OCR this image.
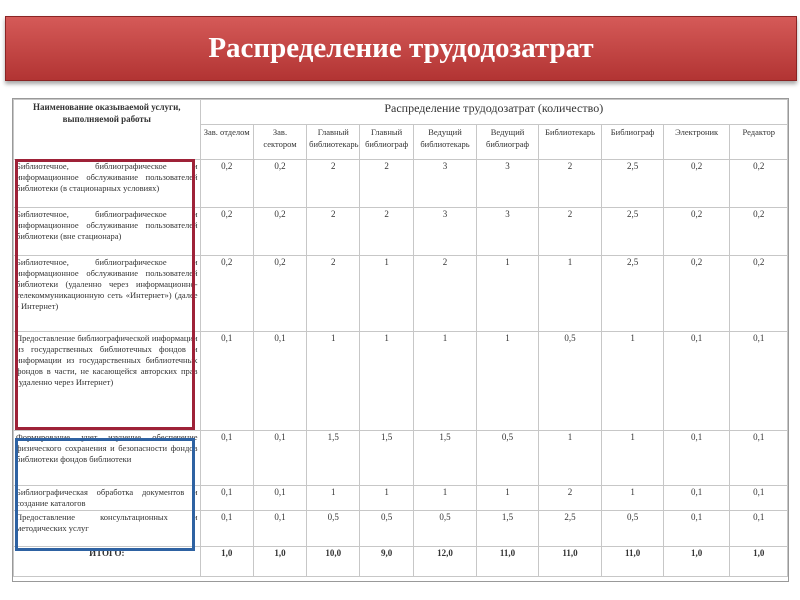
Распределение трудодозатрат
Наименование оказываемой услуги, выполняемой работы	Распределение трудодозатрат (количество)									
	Зав. отделом	Зав. сектором	Главный библиотекарь	Главный библиограф	Ведущий библиотекарь	Ведущий библиограф	Библиотекарь	Библиограф	Электроник	Редактор
Библиотечное, библиографическое и информационное обслуживание пользователей библиотеки (в стационарных условиях)	0,2	0,2	2	2	3	3	2	2,5	0,2	0,2
Библиотечное, библиографическое и информационное обслуживание пользователей библиотеки (вне стационара)	0,2	0,2	2	2	3	3	2	2,5	0,2	0,2
Библиотечное, библиографическое и информационное обслуживание пользователей библиотеки (удаленно через информационно-телекоммуникационную сеть «Интернет») (далее - Интернет)	0,2	0,2	2	1	2	1	1	2,5	0,2	0,2
Предоставление библиографической информации из государственных библиотечных фондов и информации из государственных библиотечных фондов в части, не касающейся авторских прав (удаленно через Интернет)	0,1	0,1	1	1	1	1	0,5	1	0,1	0,1
Формирование, учет, изучение, обеспечение физического сохранения и безопасности фондов библиотеки фондов библиотеки	0,1	0,1	1,5	1,5	1,5	0,5	1	1	0,1	0,1
Библиографическая обработка документов и создание каталогов	0,1	0,1	1	1	1	1	2	1	0,1	0,1
Предоставление консультационных и методических услуг	0,1	0,1	0,5	0,5	0,5	1,5	2,5	0,5	0,1	0,1
ИТОГО:	1,0	1,0	10,0	9,0	12,0	11,0	11,0	11,0	1,0	1,0
